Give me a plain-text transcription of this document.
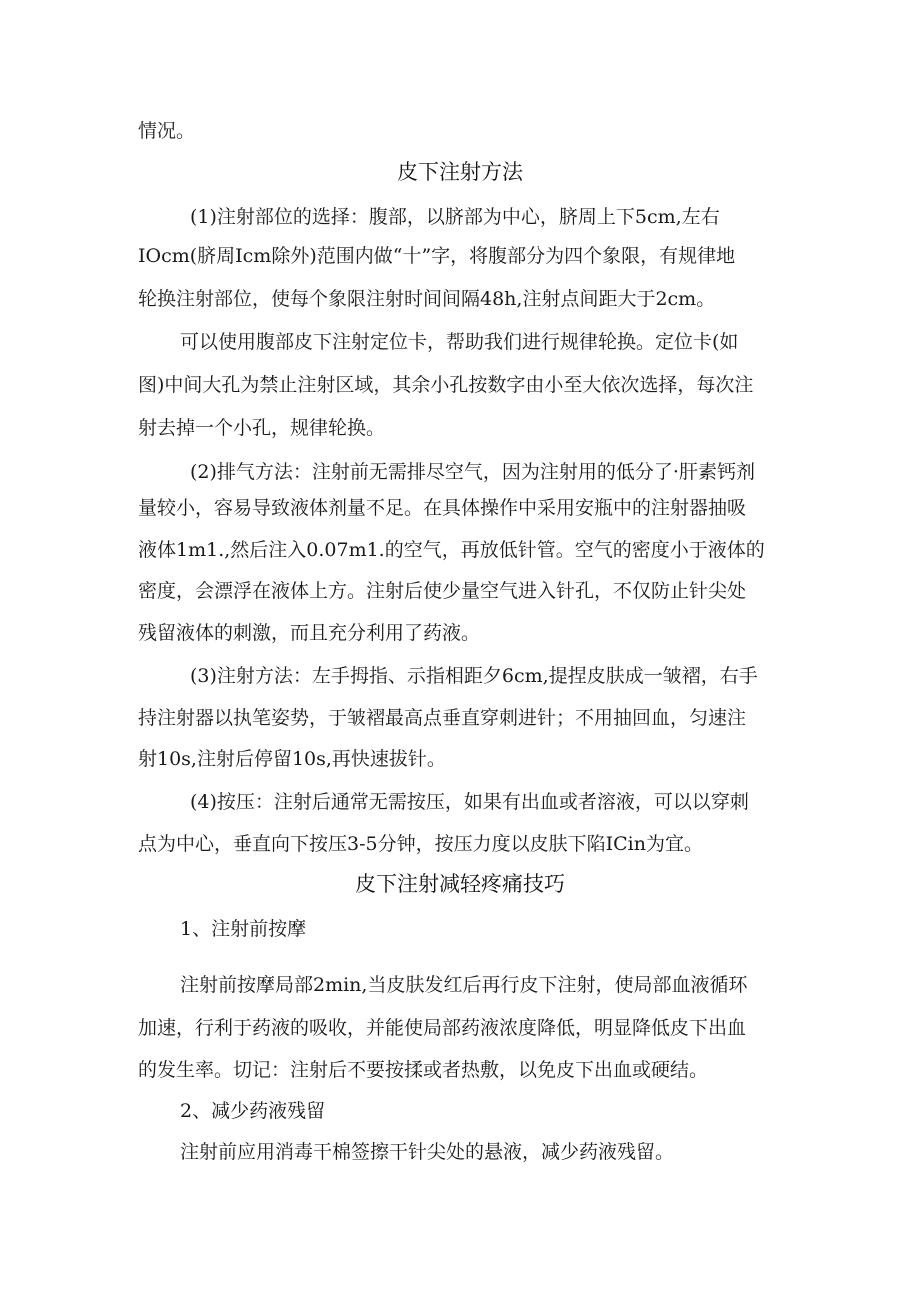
情况。

皮下注射方法

(1)注射部位的选择：腹部，以脐部为中心，脐周上下5cm,左右

IOcm(脐周Icm除外)范围内做“十”字，将腹部分为四个象限，有规律地

轮换注射部位，使每个象限注射时间间隔48h,注射点间距大于2cm。

可以使用腹部皮下注射定位卡，帮助我们进行规律轮换。定位卡(如

图)中间大孔为禁止注射区域，其余小孔按数字由小至大依次选择，每次注

射去掉一个小孔，规律轮换。

(2)排气方法：注射前无需排尽空气，因为注射用的低分了·肝素钙剂

量较小，容易导致液体剂量不足。在具体操作中采用安瓶中的注射器抽吸

液体1m1.,然后注入0.07m1.的空气，再放低针管。空气的密度小于液体的

密度，会漂浮在液体上方。注射后使少量空气进入针孔，不仅防止针尖处

残留液体的刺激，而且充分利用了药液。

(3)注射方法：左手拇指、示指相距夕6cm,提捏皮肤成一皱褶，右手

持注射器以执笔姿势，于皱褶最高点垂直穿刺进针；不用抽回血，匀速注

射10s,注射后停留10s,再快速拔针。

(4)按压：注射后通常无需按压，如果有出血或者溶液，可以以穿刺

点为中心，垂直向下按压3-5分钟，按压力度以皮肤下陷ICin为宜。

皮下注射减轻疼痛技巧

1、注射前按摩

注射前按摩局部2min,当皮肤发红后再行皮下注射，使局部血液循环

加速，行利于药液的吸收，并能使局部药液浓度降低，明显降低皮下出血

的发生率。切记：注射后不要按揉或者热敷，以免皮下出血或硬结。

2、减少药液残留

注射前应用消毒干棉签擦干针尖处的悬液，减少药液残留。
